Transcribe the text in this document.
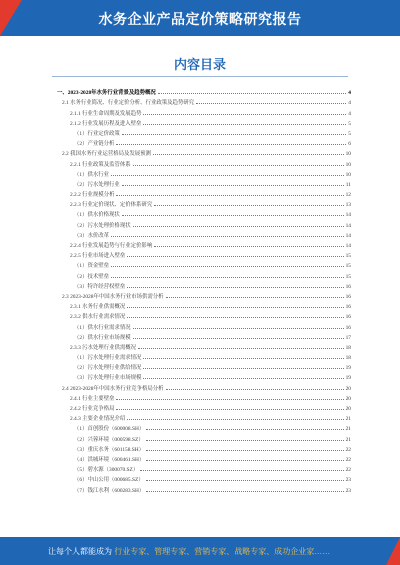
水务企业产品定价策略研究报告
内容目录
一、2023-2028年水务行业背景及趋势概况	4
2.1 水务行业简况、行业定价分析、行业政策及趋势研究	4
2.1.1 行业生命周期及发展趋势	4
2.1.2 行业发展历程及进入壁垒	5
（1）行业定价政策	5
（2）产业链分析	6
2.2 我国水务行业运营格局及发展预测	10
2.2.1 行业政策及监管体系	10
（1）供水行业	10
（2）污水处理行业	11
2.2.2 行业规模分析	12
2.2.3 行业定价现状、定价体系研究	13
（1）供水价格现状	14
（2）污水处理价格现状	14
（3）水价改革	14
2.2.4 行业发展趋势与行业定价影响	14
2.2.5 行业市场进入壁垒	15
（1）资金壁垒	15
（2）技术壁垒	15
（3）特许经营权壁垒	16
2.3 2023-2028年中国水务行业市场供需分析	16
2.3.1 水务行业供需概况	16
2.3.2 供水行业需求情况	16
（1）供水行业需求情况	16
（2）供水行业市场规模	17
2.3.3 污水处理行业供需概况	18
（1）污水处理行业需求情况	18
（2）污水处理行业供给情况	19
（3）污水处理行业市场规模	19
2.4 2023-2028年中国水务行业竞争格局分析	20
2.4.1 行业主要壁垒	20
2.4.2 行业竞争格局	20
2.4.3 主要企业情况介绍	21
（1）首创股份（600008.SH）	21
（2）兴蓉环境（000598.SZ）	21
（3）重庆水务（601158.SH）	22
（4）洪城环境（600461.SH）	22
（5）碧水源（300070.SZ）	22
（6）中山公用（000685.SZ）	23
（7）钱江水利（600283.SH）	23
让每个人都能成为 行业专家、管理专家、营销专家、战略专家、成功企业家……
